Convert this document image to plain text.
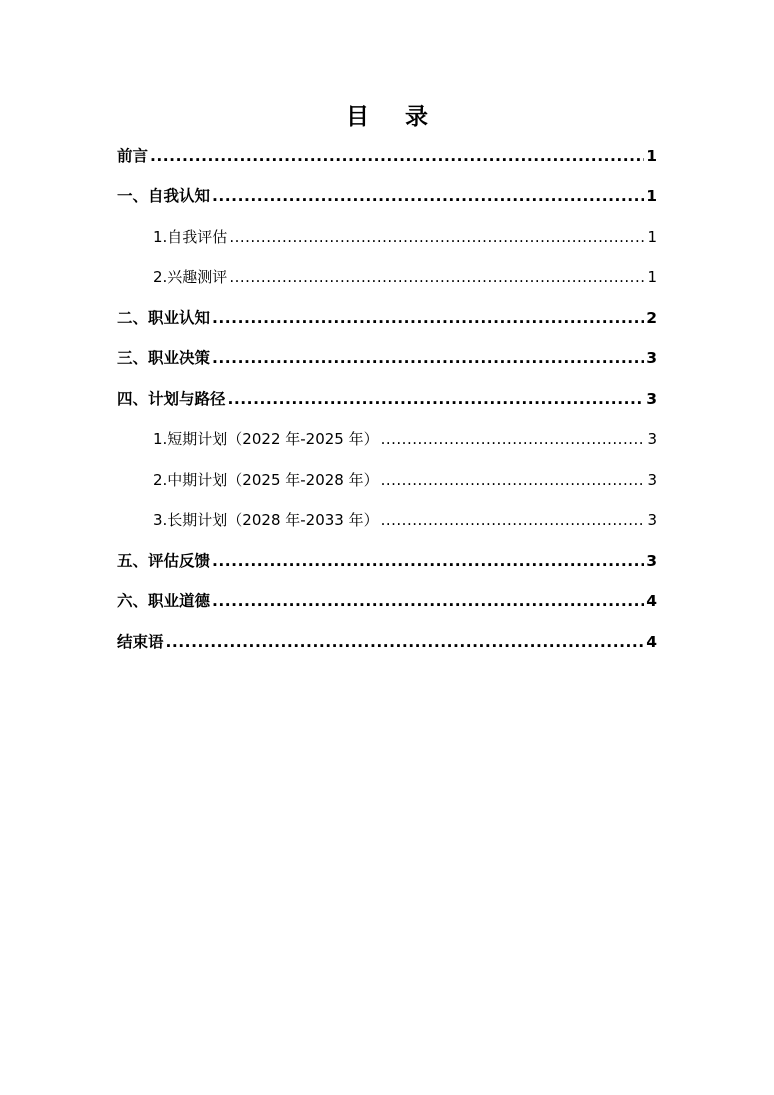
目 录
前言 .....	1
一、自我认知 .....	1
1.自我评估 .....	1
2.兴趣测评 .....	1
二、职业认知 .....	2
三、职业决策 .....	3
四、计划与路径 .....	3
1.短期计划（2022 年-2025 年） .....	3
2.中期计划（2025 年-2028 年） .....	3
3.长期计划（2028 年-2033 年） .....	3
五、评估反馈 .....	3
六、职业道德 .....	4
结束语 .....	4
